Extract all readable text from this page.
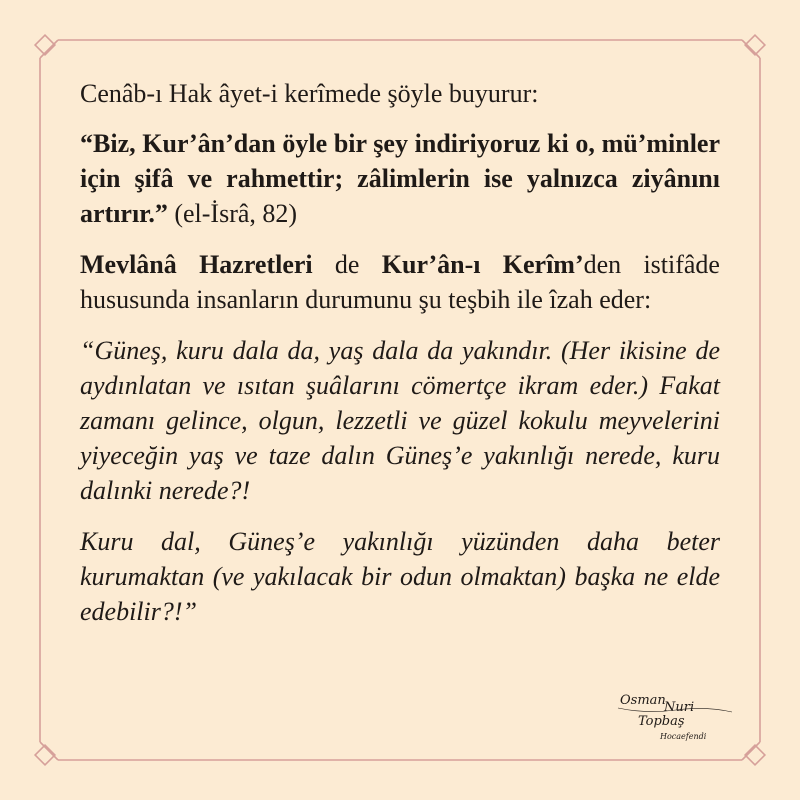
Cenâb-ı Hak âyet-i kerîmede şöyle buyurur:

“Biz, Kur’ân’dan öyle bir şey indiriyoruz ki o, mü’minler için şifâ ve rahmettir; zâlimlerin ise yalnızca ziyânını artırır.” (el-İsrâ, 82)

Mevlânâ Hazretleri de Kur’ân-ı Kerîm’den istifâde hususunda insanların durumunu şu teşbih ile îzah eder:

“Güneş, kuru dala da, yaş dala da yakındır. (Her ikisine de aydınlatan ve ısıtan şuâlarını cömertçe ikram eder.) Fakat zamanı gelince, olgun, lezzetli ve güzel kokulu meyvelerini yiyeceğin yaş ve taze dalın Güneş’e yakınlığı nerede, kuru dalınki nerede?!

Kuru dal, Güneş’e yakınlığı yüzünden daha beter kurumaktan (ve yakılacak bir odun olmaktan) başka ne elde edebilir?!”

Osman
Nuri
Topbaş
Hocaefendi
